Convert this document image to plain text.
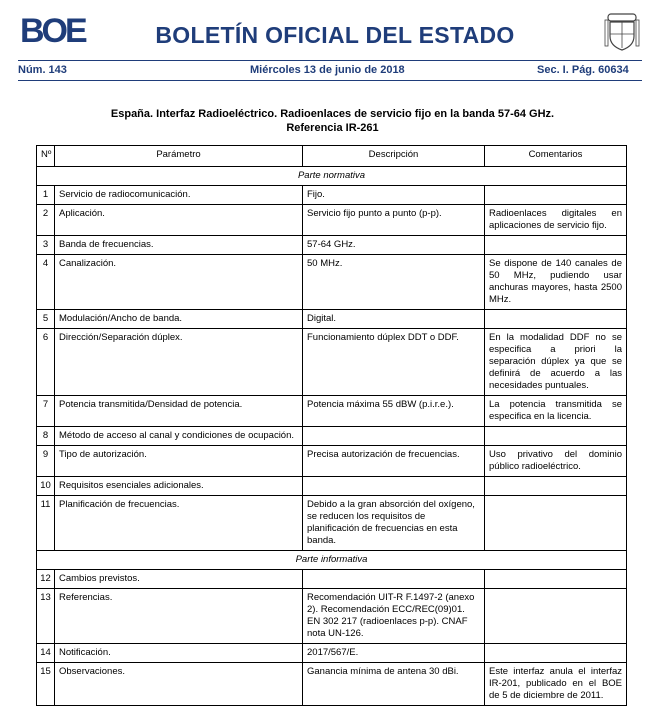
BOE	BOLETÍN OFICIAL DEL ESTADO
Núm. 143	Miércoles 13 de junio de 2018	Sec. I. Pág. 60634
España. Interfaz Radioeléctrico. Radioenlaces de servicio fijo en la banda 57-64 GHz.
Referencia IR-261
Nº	Parámetro	Descripción	Comentarios
Parte normativa			
1	Servicio de radiocomunicación.	Fijo.	
2	Aplicación.	Servicio fijo punto a punto (p-p).	Radioenlaces digitales en aplicaciones de servicio fijo.
3	Banda de frecuencias.	57-64 GHz.	
4	Canalización.	50 MHz.	Se dispone de 140 canales de 50 MHz, pudiendo usar anchuras mayores, hasta 2500 MHz.
5	Modulación/Ancho de banda.	Digital.	
6	Dirección/Separación dúplex.	Funcionamiento dúplex DDT o DDF.	En la modalidad DDF no se especifica a priori la separación dúplex ya que se definirá de acuerdo a las necesidades puntuales.
7	Potencia transmitida/Densidad de potencia.	Potencia máxima 55 dBW (p.i.r.e.).	La potencia transmitida se especifica en la licencia.
8	Método de acceso al canal y condiciones de ocupación.		
9	Tipo de autorización.	Precisa autorización de frecuencias.	Uso privativo del dominio público radioeléctrico.
10	Requisitos esenciales adicionales.		
11	Planificación de frecuencias.	Debido a la gran absorción del oxígeno, se reducen los requisitos de planificación de frecuencias en esta banda.	
Parte informativa			
12	Cambios previstos.		
13	Referencias.	Recomendación UIT-R F.1497-2 (anexo 2). Recomendación ECC/REC(09)01. EN 302 217 (radioenlaces p-p). CNAF nota UN-126.	
14	Notificación.	2017/567/E.	
15	Observaciones.	Ganancia mínima de antena 30 dBi.	Este interfaz anula el interfaz IR-201, publicado en el BOE de 5 de diciembre de 2011.
